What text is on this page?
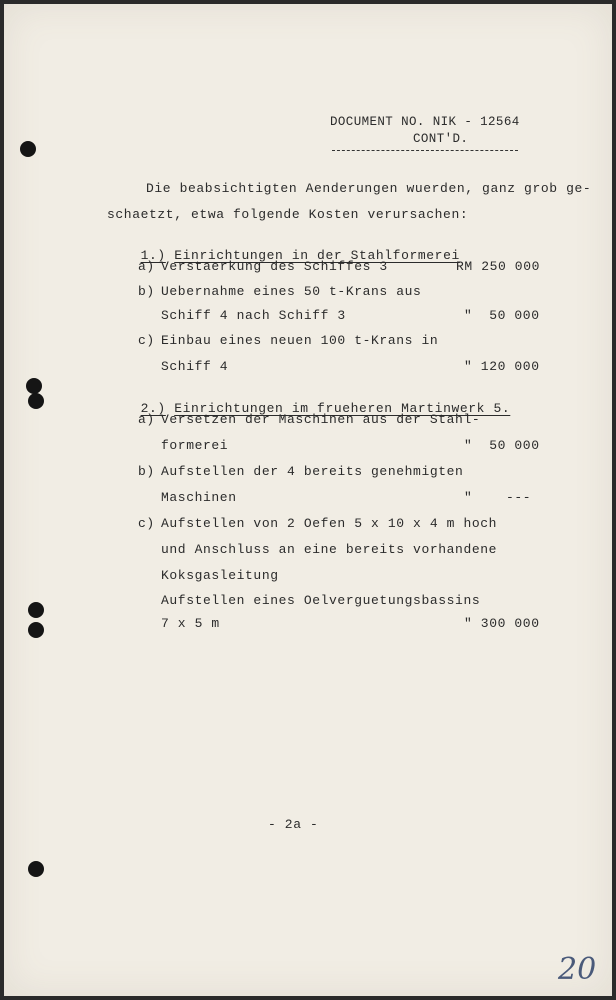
DOCUMENT NO. NIK - 12564
CONT'D.
Die beabsichtigten Aenderungen wuerden, ganz grob ge-
schaetzt, etwa folgende Kosten verursachen:

1.) Einrichtungen in der Stahlformerei

a) Verstaerkung des Schiffes 3	RM 250 000
b) Uebernahme eines 50 t-Krans aus
Schiff 4 nach Schiff 3	"  50 000
c) Einbau eines neuen 100 t-Krans in
Schiff 4	" 120 000

2.) Einrichtungen im frueheren Martinwerk 5.

a) Versetzen der Maschinen aus der Stahl-
formerei	"  50 000
b) Aufstellen der 4 bereits genehmigten
Maschinen	"    ---
c) Aufstellen von 2 Oefen 5 x 10 x 4 m hoch
und Anschluss an eine bereits vorhandene
Koksgasleitung
Aufstellen eines Oelverguetungsbassins
7 x 5 m	" 300 000
- 2a -
20
